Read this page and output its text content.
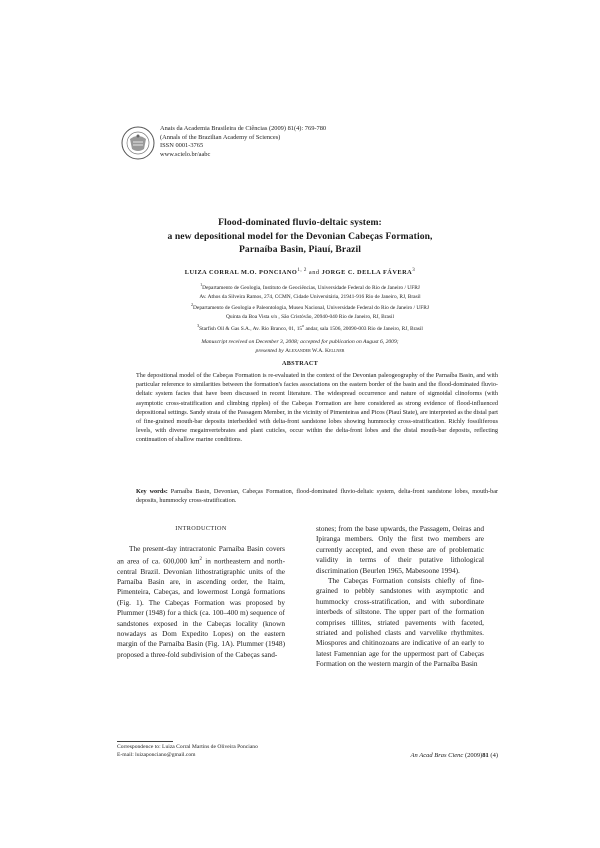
Anais da Academia Brasileira de Ciências (2009) 81(4): 769-780
(Annals of the Brazilian Academy of Sciences)
ISSN 0001-3765
www.scielo.br/aabc
Flood-dominated fluvio-deltaic system:
a new depositional model for the Devonian Cabeças Formation,
Parnaíba Basin, Piauí, Brazil
LUIZA CORRAL M.O. PONCIANO$^{1, 2}$ and JORGE C. DELLA FÁVERA$^3$
$^1$Departamento de Geologia, Instituto de Geociências, Universidade Federal do Rio de Janeiro / UFRJ
Av. Athos da Silveira Ramos, 274, CCMN, Cidade Universitária, 21941-916 Rio de Janeiro, RJ, Brasil
$^2$Departamento de Geologia e Paleontologia, Museu Nacional, Universidade Federal do Rio de Janeiro / UFRJ
Quinta da Boa Vista s/n , São Cristóvão, 20940-040 Rio de Janeiro, RJ, Brasil
$^3$Starfish Oil & Gas S.A., Av. Rio Branco, 01, 15$^o$ andar, sala 1506, 20090-003 Rio de Janeiro, RJ, Brasil
Manuscript received on December 3, 2008; accepted for publication on August 6, 2009;
presented by Alexander W.A. Kellner
ABSTRACT
The depositional model of the Cabeças Formation is re-evaluated in the context of the Devonian paleogeography of the Parnaíba Basin, and with particular reference to similarities between the formation's facies associations on the eastern border of the basin and the flood-dominated fluvio-deltaic system facies that have been discussed in recent literature. The widespread occurrence and nature of sigmoidal clinoforms (with asymptotic cross-stratification and climbing ripples) of the Cabeças Formation are here considered as strong evidence of flood-influenced depositional settings. Sandy strata of the Passagem Member, in the vicinity of Pimenteiras and Picos (Piauí State), are interpreted as the distal part of fine-grained mouth-bar deposits interbedded with delta-front sandstone lobes showing hummocky cross-stratification. Richly fossiliferous levels, with diverse megainvertebrates and plant cuticles, occur within the delta-front lobes and the distal mouth-bar deposits, reflecting continuation of shallow marine conditions.
Key words: Parnaíba Basin, Devonian, Cabeças Formation, flood-dominated fluvio-deltaic system, delta-front sandstone lobes, mouth-bar deposits, hummocky cross-stratification.
INTRODUCTION

The present-day intracratonic Parnaíba Basin covers an area of ca. 600,000 $km^2$ in northeastern and north-central Brazil. Devonian lithostratigraphic units of the Parnaíba Basin are, in ascending order, the Itaim, Pimenteira, Cabeças, and lowermost Longá formations (Fig. 1). The Cabeças Formation was proposed by Plummer (1948) for a thick (ca. 100–400 m) sequence of sandstones exposed in the Cabeças locality (known nowadays as Dom Expedito Lopes) on the eastern margin of the Parnaíba Basin (Fig. 1A). Plummer (1948) proposed a three-fold subdivision of the Cabeças sand-

stones; from the base upwards, the Passagem, Oeiras and Ipiranga members. Only the first two members are currently accepted, and even these are of problematic validity in terms of their putative lithological discrimination (Beurlen 1965, Mabesoone 1994).

The Cabeças Formation consists chiefly of fine-grained to pebbly sandstones with asymptotic and hummocky cross-stratification, and with subordinate interbeds of siltstone. The upper part of the formation comprises tillites, striated pavements with faceted, striated and polished clasts and varvelike rhythmites. Miospores and chitinozoans are indicative of an early to latest Famennian age for the uppermost part of Cabeças Formation on the western margin of the Parnaíba Basin

Correspondence to: Luiza Corral Martins de Oliveira Ponciano
E-mail: luizaponciano@gmail.com	An Acad Bras Cienc (2009)81 (4)
